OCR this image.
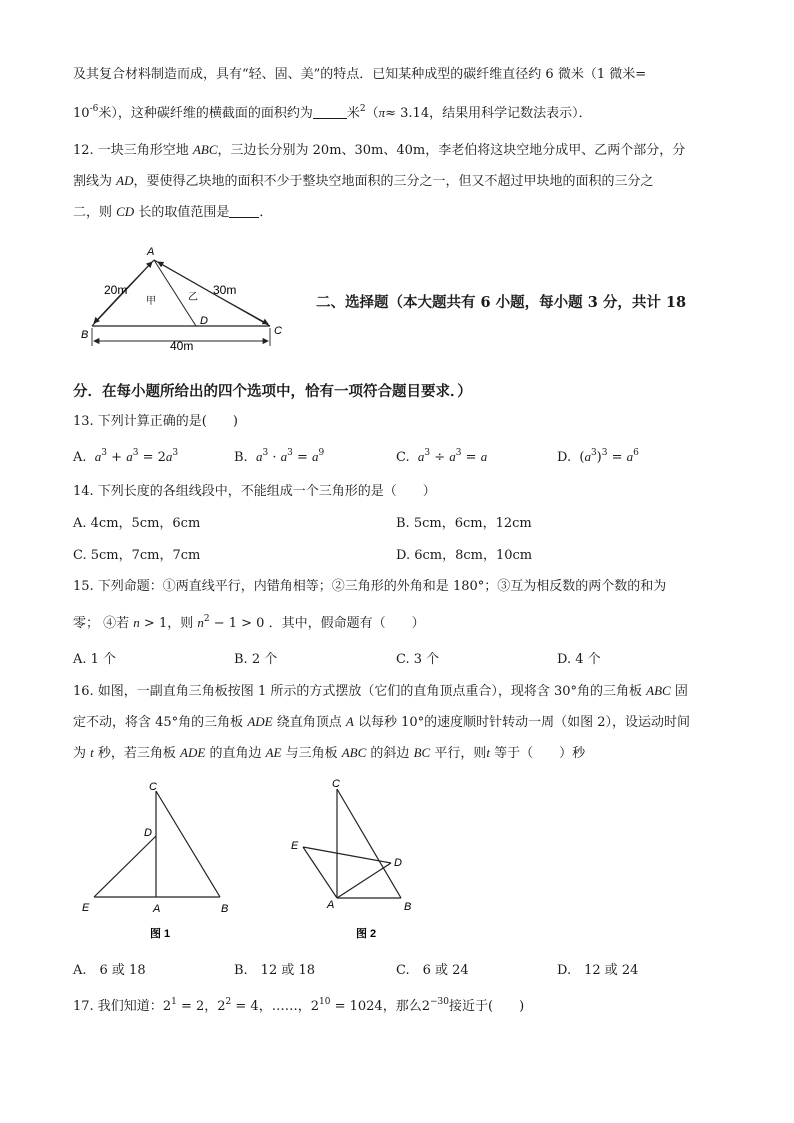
及其复合材料制造而成，具有“轻、固、美”的特点．已知某种成型的碳纤维直径约 6 微米（1 微米=
$10^{-6}$米），这种碳纤维的横截面的面积约为	米$^2$（π≈ 3.14，结果用科学记数法表示）．
12. 一块三角形空地 ABC，三边长分别为 20m、30m、40m，李老伯将这块空地分成甲、乙两个部分，分
割线为 AD，要使得乙块地的面积不少于整块空地面积的三分之一，但又不超过甲块地的面积的三分之
二，则 CD 长的取值范围是 ．
A
B	C
D
甲	乙
20m	30m
40m
二、选择题（本大题共有 6 小题，每小题 3 分，共计 18
分．在每小题所给出的四个选项中，恰有一项符合题目要求．）
13. 下列计算正确的是(　　)
A. $a^3 + a^3 = 2a^3$	B. $a^3 \cdot a^3 = a^9$	C. $a^3 \div a^3 = a$	D.  $(a^3)^3 = a^6$
14. 下列长度的各组线段中，不能组成一个三角形的是（　　）
A. 4cm，5cm，6cm	B. 5cm，6cm，12cm
C. 5cm，7cm，7cm	D. 6cm，8cm，10cm
15. 下列命题：①两直线平行，内错角相等；②三角形的外角和是 180°；③互为相反数的两个数的和为
零； ④若 n > 1，则 $n^2 - 1 > 0$ ．其中，假命题有（　　）
A. 1 个	B. 2 个	C. 3 个	D. 4 个
16. 如图，一副直角三角板按图 1 所示的方式摆放（它们的直角顶点重合），现将含 30°角的三角板 ABC 固
定不动，将含 45°角的三角板 ADE 绕直角顶点 A 以每秒 10°的速度顺时针转动一周（如图 2），设运动时间
为 t 秒，若三角板 ADE 的直角边 AE 与三角板 ABC 的斜边 BC 平行，则t 等于（　　）秒
C
D
E	A	B
图 1
C
D
E
A	B
图 2
A.　6 或 18	B.　12 或 18	C.　6 或 24	D.　12 或 24
17. 我们知道：$2^1 = 2$，$2^2 = 4$，……，$2^{10} = 1024$，那么$2^{-30}$接近于(　　)
